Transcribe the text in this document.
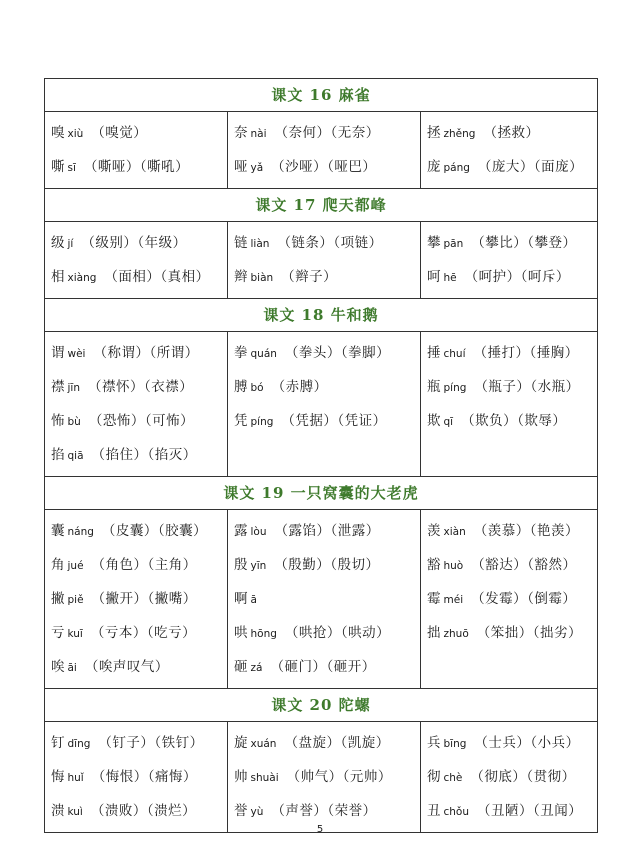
课文 16 麻雀
嗅 xiù （嗅觉）
嘶 sī （嘶哑）（嘶吼）
奈 nài （奈何）（无奈）
哑 yǎ （沙哑）（哑巴）
拯 zhěng （拯救）
庞 páng （庞大）（面庞）
课文 17 爬天都峰
级 jí （级别）（年级）
相 xiàng （面相）（真相）
链 liàn （链条）（项链）
辫 biàn （辫子）
攀 pān （攀比）（攀登）
呵 hē （呵护）（呵斥）
课文 18 牛和鹅
谓 wèi （称谓）（所谓）
襟 jīn （襟怀）（衣襟）
怖 bù （恐怖）（可怖）
掐 qiā （掐住）（掐灭）
拳 quán （拳头）（拳脚）
膊 bó （赤膊）
凭 píng （凭据）（凭证）
捶 chuí （捶打）（捶胸）
瓶 píng （瓶子）（水瓶）
欺 qī （欺负）（欺辱）
课文 19 一只窝囊的大老虎
囊 náng （皮囊）（胶囊）
角 jué （角色）（主角）
撇 piě （撇开）（撇嘴）
亏 kuī （亏本）（吃亏）
唉 āi （唉声叹气）
露 lòu （露馅）（泄露）
殷 yīn （殷勤）（殷切）
啊 ā
哄 hōng （哄抢）（哄动）
砸 zá （砸门）（砸开）
羡 xiàn （羡慕）（艳羡）
豁 huò （豁达）（豁然）
霉 méi （发霉）（倒霉）
拙 zhuō （笨拙）（拙劣）
课文 20 陀螺
钉 dīng （钉子）（铁钉）
悔 huǐ （悔恨）（痛悔）
溃 kuì （溃败）（溃烂）
旋 xuán （盘旋）（凯旋）
帅 shuài （帅气）（元帅）
誉 yù （声誉）（荣誉）
兵 bīng （士兵）（小兵）
彻 chè （彻底）（贯彻）
丑 chǒu （丑陋）（丑闻）
5
